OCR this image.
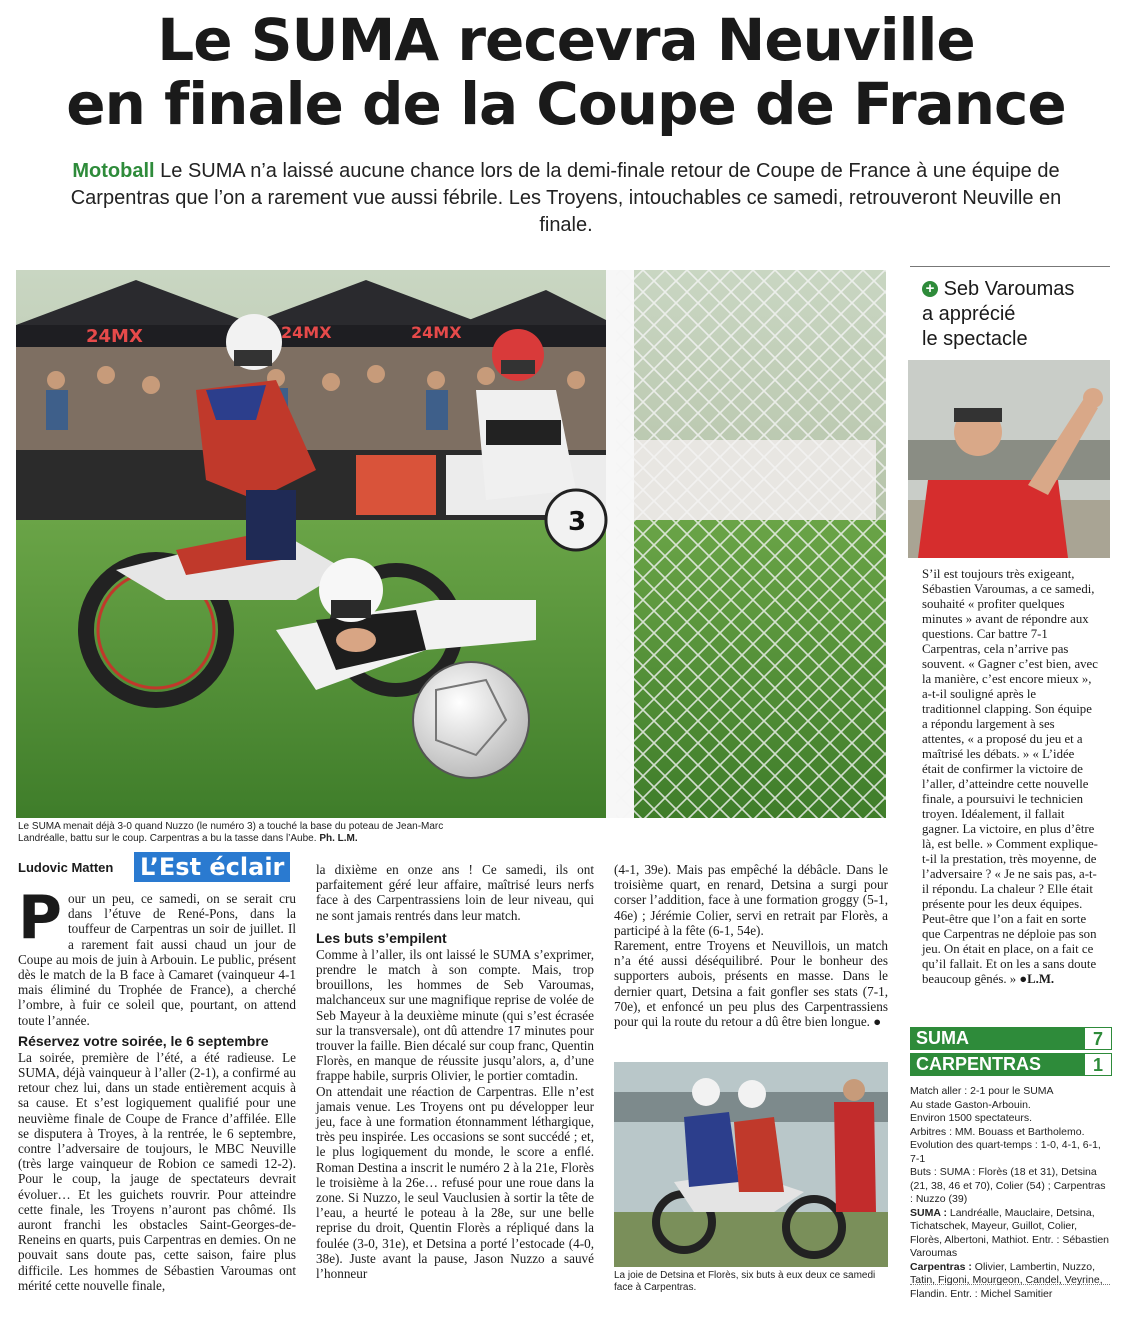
Le SUMA recevra Neuville
en finale de la Coupe de France
Motoball Le SUMA n’a laissé aucune chance lors de la demi-finale retour de Coupe de France à une équipe de Carpentras que l’on a rarement vue aussi fébrile. Les Troyens, intouchables ce samedi, retrouveront Neuville en finale.
24MX	24MX	24MX
3
Le SUMA menait déjà 3-0 quand Nuzzo (le numéro 3) a touché la base du poteau de Jean-Marc Landréalle, battu sur le coup. Carpentras a bu la tasse dans l’Aube. Ph. L.M.
Ludovic Matten L’Est éclair
P our un peu, ce samedi, on se serait cru dans l’étuve de René-Pons, dans la touffeur de Carpentras un soir de juillet. Il a rarement fait aussi chaud un jour de Coupe au mois de juin à Arbouin. Le public, présent dès le match de la B face à Camaret (vainqueur 4-1 mais éliminé du Trophée de France), a cherché l’ombre, à fuir ce soleil que, pourtant, on attend toute l’année.

Réservez votre soirée, le 6 septembre

La soirée, première de l’été, a été radieuse. Le SUMA, déjà vainqueur à l’aller (2-1), a confirmé au retour chez lui, dans un stade entièrement acquis à sa cause. Et s’est logiquement qualifié pour une neuvième finale de Coupe de France d’affilée. Elle se disputera à Troyes, à la rentrée, le 6 septembre, contre l’adversaire de toujours, le MBC Neuville (très large vainqueur de Robion ce samedi 12-2). Pour le coup, la jauge de spectateurs devrait évoluer… Et les guichets rouvrir. Pour atteindre cette finale, les Troyens n’auront pas chômé. Ils auront franchi les obstacles Saint-Georges-de-Reneins en quarts, puis Carpentras en demies. On ne pouvait sans doute pas, cette saison, faire plus difficile. Les hommes de Sébastien Varoumas ont mérité cette nouvelle finale,

la dixième en onze ans ! Ce samedi, ils ont parfaitement géré leur affaire, maîtrisé leurs nerfs face à des Carpentrassiens loin de leur niveau, qui ne sont jamais rentrés dans leur match.

Les buts s’empilent

Comme à l’aller, ils ont laissé le SUMA s’exprimer, prendre le match à son compte. Mais, trop brouillons, les hommes de Seb Varoumas, malchanceux sur une magnifique reprise de volée de Seb Mayeur à la deuxième minute (qui s’est écrasée sur la transversale), ont dû attendre 17 minutes pour trouver la faille. Bien décalé sur coup franc, Quentin Florès, en manque de réussite jusqu’alors, a, d’une frappe habile, surpris Olivier, le portier comtadin.

On attendait une réaction de Carpentras. Elle n’est jamais venue. Les Troyens ont pu développer leur jeu, face à une formation étonnamment léthargique, très peu inspirée. Les occasions se sont succédé ; et, le plus logiquement du monde, le score a enflé. Roman Destina a inscrit le numéro 2 à la 21e, Florès le troisième à la 26e… refusé pour une roue dans la zone. Si Nuzzo, le seul Vauclusien à sortir la tête de l’eau, a heurté le poteau à la 28e, sur une belle reprise du droit, Quentin Florès a répliqué dans la foulée (3-0, 31e), et Detsina a porté l’estocade (4-0, 38e). Juste avant la pause, Jason Nuzzo a sauvé l’honneur

(4-1, 39e). Mais pas empêché la débâcle. Dans le troisième quart, en renard, Detsina a surgi pour corser l’addition, face à une formation groggy (5-1, 46e) ; Jérémie Colier, servi en retrait par Florès, a participé à la fête (6-1, 54e).

Rarement, entre Troyens et Neuvillois, un match n’a été aussi déséquilibré. Pour le bonheur des supporters aubois, présents en masse. Dans le dernier quart, Detsina a fait gonfler ses stats (7-1, 70e), et enfoncé un peu plus des Carpentrassiens pour qui la route du retour a dû être bien longue. ●

La joie de Detsina et Florès, six buts à eux deux ce samedi face à Carpentras.
+ Seb Varoumas
a apprécié
le spectacle
S’il est toujours très exigeant, Sébastien Varoumas, a ce samedi, souhaité « profiter quelques minutes » avant de répondre aux questions. Car battre 7-1 Carpentras, cela n’arrive pas souvent. « Gagner c’est bien, avec la manière, c’est encore mieux », a-t-il souligné après le traditionnel clapping. Son équipe a répondu largement à ses attentes, « a proposé du jeu et a maîtrisé les débats. » « L’idée était de confirmer la victoire de l’aller, d’atteindre cette nouvelle finale, a poursuivi le technicien troyen. Idéalement, il fallait gagner. La victoire, en plus d’être là, est belle. » Comment explique-t-il la prestation, très moyenne, de l’adversaire ? « Je ne sais pas, a-t-il répondu. La chaleur ? Elle était présente pour les deux équipes. Peut-être que l’on a fait en sorte que Carpentras ne déploie pas son jeu. On était en place, on a fait ce qu’il fallait. Et on les a sans doute beaucoup gênés. » ●L.M.
SUMA	7
CARPENTRAS	1
Match aller : 2-1 pour le SUMA
Au stade Gaston-Arbouin.
Environ 1500 spectateurs.
Arbitres : MM. Bouass et Bartholemo.
Evolution des quart-temps : 1-0, 4-1, 6-1, 7-1
Buts : SUMA : Florès (18 et 31), Detsina (21, 38, 46 et 70), Colier (54) ; Carpentras : Nuzzo (39)
SUMA : Landréalle, Mauclaire, Detsina, Tichatschek, Mayeur, Guillot, Colier, Florès, Albertoni, Mathiot. Entr. : Sébastien Varoumas
Carpentras : Olivier, Lambertin, Nuzzo, Tatin, Figoni, Mourgeon, Candel, Veyrine, Flandin. Entr. : Michel Samitier
